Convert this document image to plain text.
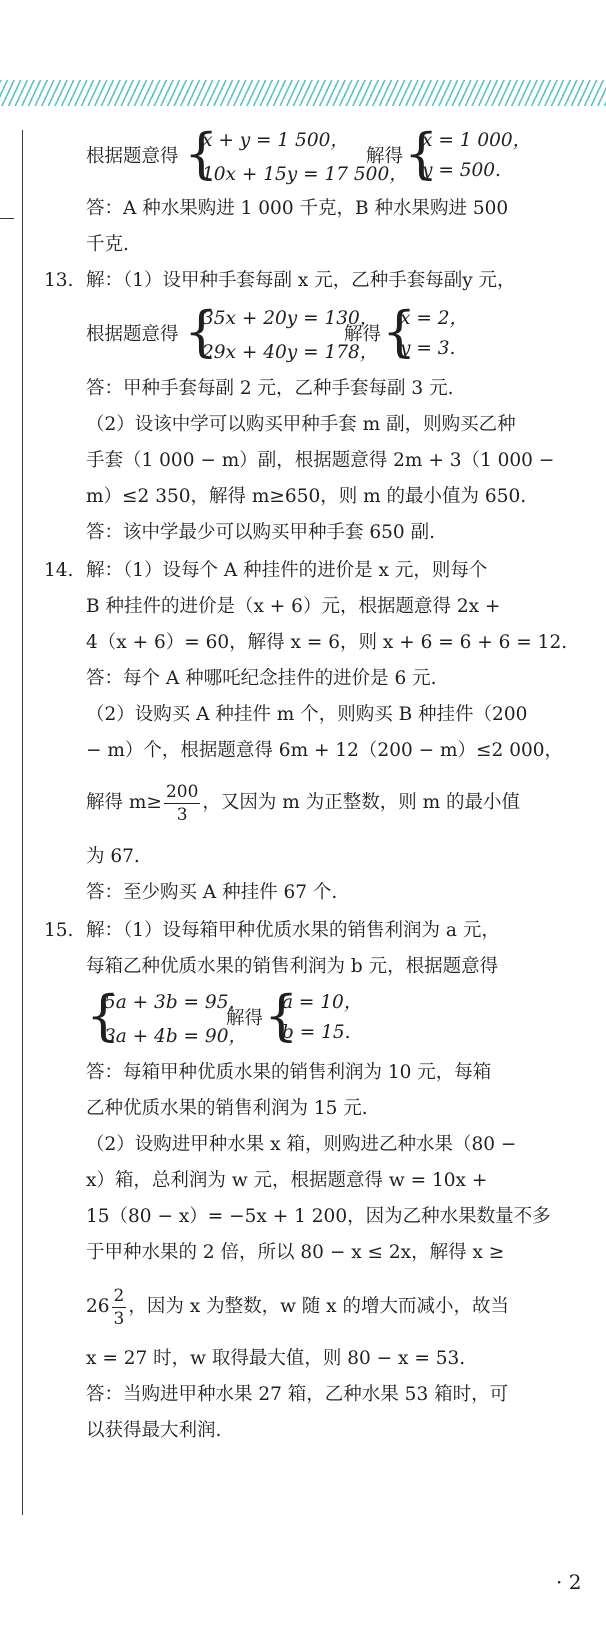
根据题意得 {
x + y = 1 500，
10x + 15y = 17 500，
解得 {
x = 1 000，
y = 500.
答：A 种水果购进 1 000 千克，B 种水果购进 500
千克.
13. 解：（1）设甲种手套每副 x 元，乙种手套每副y 元，
根据题意得 {
35x + 20y = 130，
29x + 40y = 178，
解得 {
x = 2，
y = 3.
答：甲种手套每副 2 元，乙种手套每副 3 元.
（2）设该中学可以购买甲种手套 m 副，则购买乙种
手套（1 000 − m）副，根据题意得 2m + 3（1 000 −
m）≤2 350，解得 m≥650，则 m 的最小值为 650.
答：该中学最少可以购买甲种手套 650 副.
14. 解：（1）设每个 A 种挂件的进价是 x 元，则每个
B 种挂件的进价是（x + 6）元，根据题意得 2x +
4（x + 6）= 60，解得 x = 6，则 x + 6 = 6 + 6 = 12.
答：每个 A 种哪吒纪念挂件的进价是 6 元.
（2）设购买 A 种挂件 m 个，则购买 B 种挂件（200
− m）个，根据题意得 6m + 12（200 − m）≤2 000，
解得 $m\ge \frac{200}{3}$ ，又因为 m 为正整数，则 m 的最小值
为 67.
答：至少购买 A 种挂件 67 个.
15. 解：（1）设每箱甲种优质水果的销售利润为 a 元，
每箱乙种优质水果的销售利润为 b 元，根据题意得
{
5a + 3b = 95，
3a + 4b = 90，
解得 {
a = 10，
b = 15.
答：每箱甲种优质水果的销售利润为 10 元，每箱
乙种优质水果的销售利润为 15 元.
（2）设购进甲种水果 x 箱，则购进乙种水果（80 −
x）箱，总利润为 w 元，根据题意得 w = 10x +
15（80 − x）= −5x + 1 200，因为乙种水果数量不多
于甲种水果的 2 倍，所以 80 − x ≤ 2x，解得 x ≥
$26 \frac{2}{3}$ ，因为 x 为整数，w 随 x 的增大而减小，故当
x = 27 时，w 取得最大值，则 80 − x = 53.
答：当购进甲种水果 27 箱，乙种水果 53 箱时，可
以获得最大利润.
· 2
